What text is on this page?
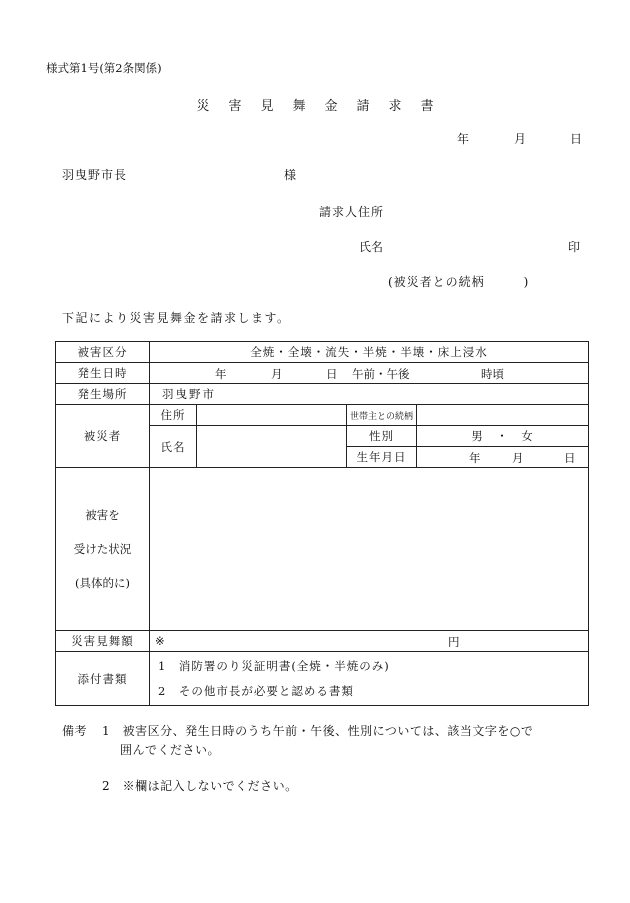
様式第1号(第2条関係)
災害見舞金請求書
年	月	日
羽曳野市長	様
請求人住所
氏名	印
(被災者との続柄　　　)
下記により災害見舞金を請求します。
被害区分	全焼・全壊・流失・半焼・半壊・床上浸水			
発生日時	年 月 日 午前・午後 時頃			

発生場所	羽曳野市			
被災者	住所		世帯主との続柄	
	氏名		性別	男　・　女
			生年月日	年 月 日

被害を
受けた状況
(具体的に)				

災害見舞額	※ 円			

添付書類	1　消防署のり災証明書(全焼・半焼のみ)
2　その他市長が必要と認める書類			
備考 1　被害区分、発生日時のうち午前・午後、性別については、該当文字を○で
囲んでください。
2　※欄は記入しないでください。
